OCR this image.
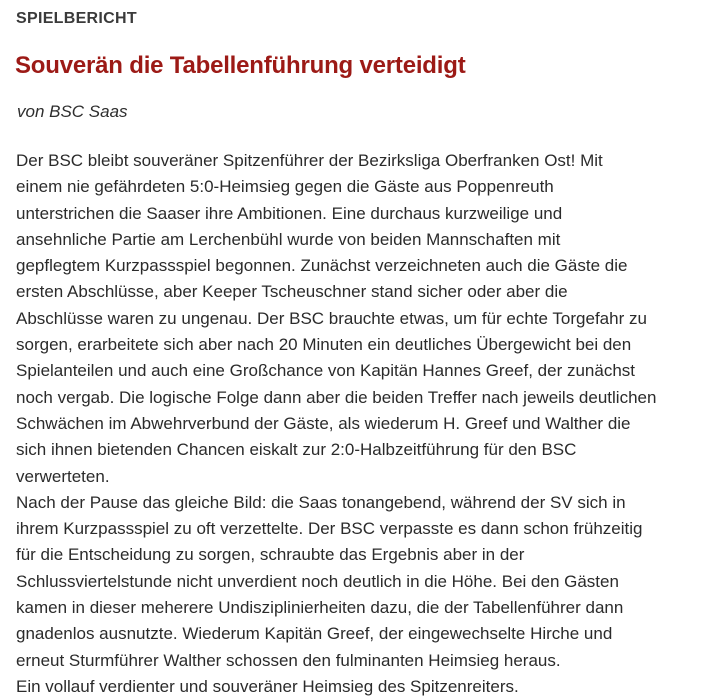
SPIELBERICHT
Souverän die Tabellenführung verteidigt
von BSC Saas
Der BSC bleibt souveräner Spitzenführer der Bezirksliga Oberfranken Ost! Mit
einem nie gefährdeten 5:0-Heimsieg gegen die Gäste aus Poppenreuth
unterstrichen die Saaser ihre Ambitionen. Eine durchaus kurzweilige und
ansehnliche Partie am Lerchenbühl wurde von beiden Mannschaften mit
gepflegtem Kurzpassspiel begonnen. Zunächst verzeichneten auch die Gäste die
ersten Abschlüsse, aber Keeper Tscheuschner stand sicher oder aber die
Abschlüsse waren zu ungenau. Der BSC brauchte etwas, um für echte Torgefahr zu
sorgen, erarbeitete sich aber nach 20 Minuten ein deutliches Übergewicht bei den
Spielanteilen und auch eine Großchance von Kapitän Hannes Greef, der zunächst
noch vergab. Die logische Folge dann aber die beiden Treffer nach jeweils deutlichen
Schwächen im Abwehrverbund der Gäste, als wiederum H. Greef und Walther die
sich ihnen bietenden Chancen eiskalt zur 2:0-Halbzeitführung für den BSC
verwerteten.
Nach der Pause das gleiche Bild: die Saas tonangebend, während der SV sich in
ihrem Kurzpassspiel zu oft verzettelte. Der BSC verpasste es dann schon frühzeitig
für die Entscheidung zu sorgen, schraubte das Ergebnis aber in der
Schlussviertelstunde nicht unverdient noch deutlich in die Höhe. Bei den Gästen
kamen in dieser meherere Undisziplinierheiten dazu, die der Tabellenführer dann
gnadenlos ausnutzte. Wiederum Kapitän Greef, der eingewechselte Hirche und
erneut Sturmführer Walther schossen den fulminanten Heimsieg heraus.
Ein vollauf verdienter und souveräner Heimsieg des Spitzenreiters.
